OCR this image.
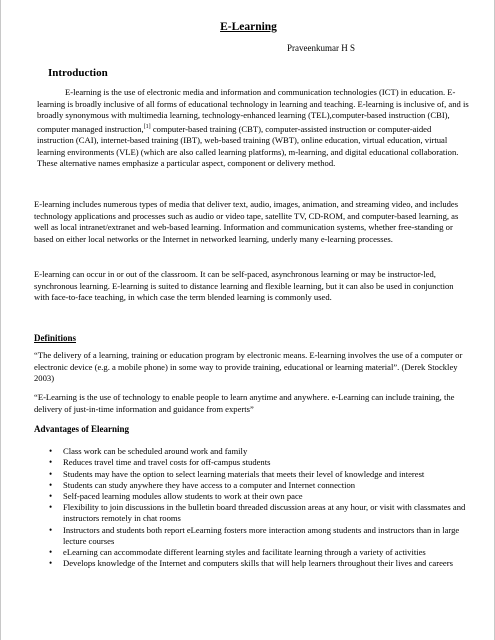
E-Learning

Praveenkumar H S

Introduction

E-learning is the use of electronic media and information and communication technologies (ICT) in education. E-learning is broadly inclusive of all forms of educational technology in learning and teaching. E-learning is inclusive of, and is broadly synonymous with multimedia learning, technology-enhanced learning (TEL),computer-based instruction (CBI), computer managed instruction,[1] computer-based training (CBT), computer-assisted instruction or computer-aided instruction (CAI), internet-based training (IBT), web-based training (WBT), online education, virtual education, virtual learning environments (VLE) (which are also called learning platforms), m-learning, and digital educational collaboration. These alternative names emphasize a particular aspect, component or delivery method.

E-learning includes numerous types of media that deliver text, audio, images, animation, and streaming video, and includes technology applications and processes such as audio or video tape, satellite TV, CD-ROM, and computer-based learning, as well as local intranet/extranet and web-based learning. Information and communication systems, whether free-standing or based on either local networks or the Internet in networked learning, underly many e-learning processes.

E-learning can occur in or out of the classroom. It can be self-paced, asynchronous learning or may be instructor-led, synchronous learning. E-learning is suited to distance learning and flexible learning, but it can also be used in conjunction with face-to-face teaching, in which case the term blended learning is commonly used.

Definitions

“The delivery of a learning, training or education program by electronic means. E-learning involves the use of a computer or electronic device (e.g. a mobile phone) in some way to provide training, educational or learning material”. (Derek Stockley 2003)

“E-Learning is the use of technology to enable people to learn anytime and anywhere. e-Learning can include training, the delivery of just-in-time information and guidance from experts”

Advantages of Elearning
• Class work can be scheduled around work and family
• Reduces travel time and travel costs for off-campus students
• Students may have the option to select learning materials that meets their level of knowledge and interest
• Students can study anywhere they have access to a computer and Internet connection
• Self-paced learning modules allow students to work at their own pace
• Flexibility to join discussions in the bulletin board threaded discussion areas at any hour, or visit with classmates and instructors remotely in chat rooms
• Instructors and students both report eLearning fosters more interaction among students and instructors than in large lecture courses
• eLearning can accommodate different learning styles and facilitate learning through a variety of activities
• Develops knowledge of the Internet and computers skills that will help learners throughout their lives and careers
